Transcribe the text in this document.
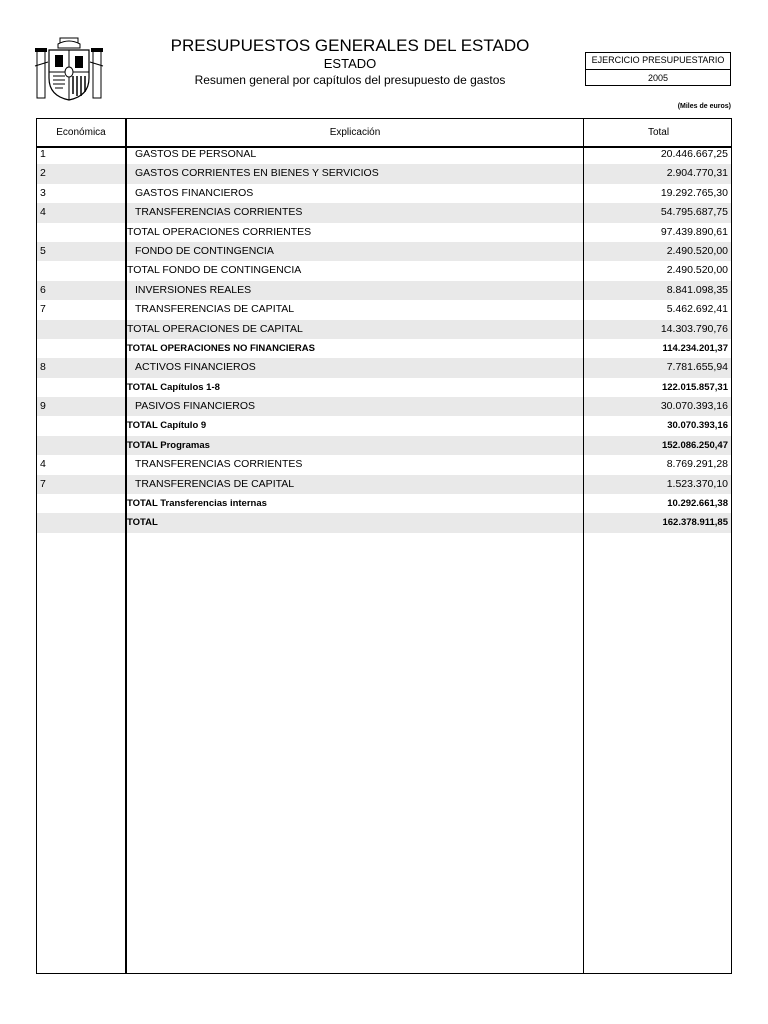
PRESUPUESTOS GENERALES DEL ESTADO
ESTADO
Resumen general por capítulos del presupuesto de gastos
EJERCICIO PRESUPUESTARIO
2005
(Miles de euros)
Económica	Explicación	Total
1	GASTOS DE PERSONAL	20.446.667,25
2	GASTOS CORRIENTES EN BIENES Y SERVICIOS	2.904.770,31
3	GASTOS FINANCIEROS	19.292.765,30
4	TRANSFERENCIAS CORRIENTES	54.795.687,75
TOTAL OPERACIONES CORRIENTES	97.439.890,61
5	FONDO DE CONTINGENCIA	2.490.520,00
TOTAL FONDO DE CONTINGENCIA	2.490.520,00
6	INVERSIONES REALES	8.841.098,35
7	TRANSFERENCIAS DE CAPITAL	5.462.692,41
TOTAL OPERACIONES DE CAPITAL	14.303.790,76
TOTAL OPERACIONES NO FINANCIERAS	114.234.201,37
8	ACTIVOS FINANCIEROS	7.781.655,94
TOTAL Capítulos 1-8	122.015.857,31
9	PASIVOS FINANCIEROS	30.070.393,16
TOTAL Capítulo 9	30.070.393,16
TOTAL Programas	152.086.250,47
4	TRANSFERENCIAS CORRIENTES	8.769.291,28
7	TRANSFERENCIAS DE CAPITAL	1.523.370,10
TOTAL Transferencias internas	10.292.661,38
TOTAL	162.378.911,85
